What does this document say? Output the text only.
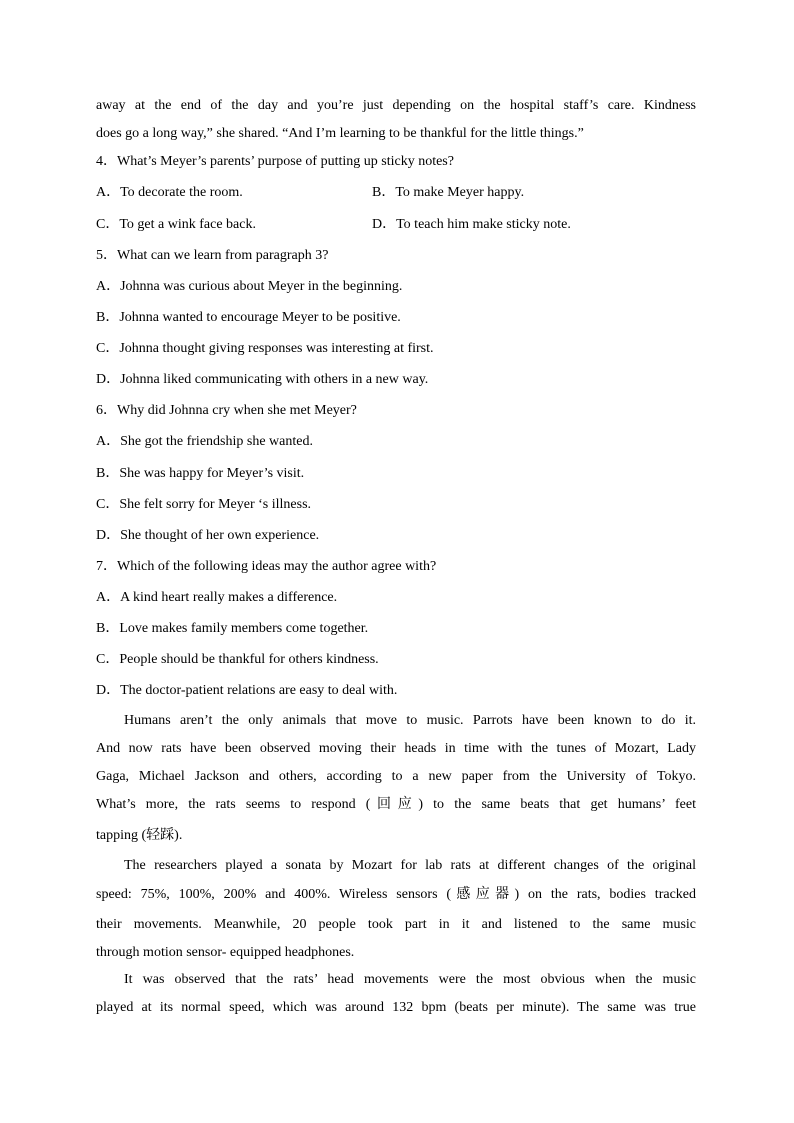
away at the end of the day and you’re just depending on the hospital staff’s care. Kindness
does go a long way,” she shared. “And I’m learning to be thankful for the little things.”
4．What’s Meyer’s parents’ purpose of putting up sticky notes?
A．To decorate the room.	B．To make Meyer happy.
C．To get a wink face back.	D．To teach him make sticky note.
5．What can we learn from paragraph 3?
A．Johnna was curious about Meyer in the beginning.
B．Johnna wanted to encourage Meyer to be positive.
C．Johnna thought giving responses was interesting at first.
D．Johnna liked communicating with others in a new way.
6．Why did Johnna cry when she met Meyer?
A．She got the friendship she wanted.
B．She was happy for Meyer’s visit.
C．She felt sorry for Meyer ‘s illness.
D．She thought of her own experience.
7．Which of the following ideas may the author agree with?
A．A kind heart really makes a difference.
B．Love makes family members come together.
C．People should be thankful for others kindness.
D．The doctor-patient relations are easy to deal with.
Humans aren’t the only animals that move to music. Parrots have been known to do it.
And now rats have been observed moving their heads in time with the tunes of Mozart, Lady
Gaga, Michael Jackson and others, according to a new paper from the University of Tokyo.
What’s more, the rats seems to respond (回应) to the same beats that get humans’ feet
tapping (轻踩).
The researchers played a sonata by Mozart for lab rats at different changes of the original
speed: 75%, 100%, 200% and 400%. Wireless sensors (感应器) on the rats, bodies tracked
their movements. Meanwhile, 20 people took part in it and listened to the same music
through motion sensor- equipped headphones.
It was observed that the rats’ head movements were the most obvious when the music
played at its normal speed, which was around 132 bpm (beats per minute). The same was true
